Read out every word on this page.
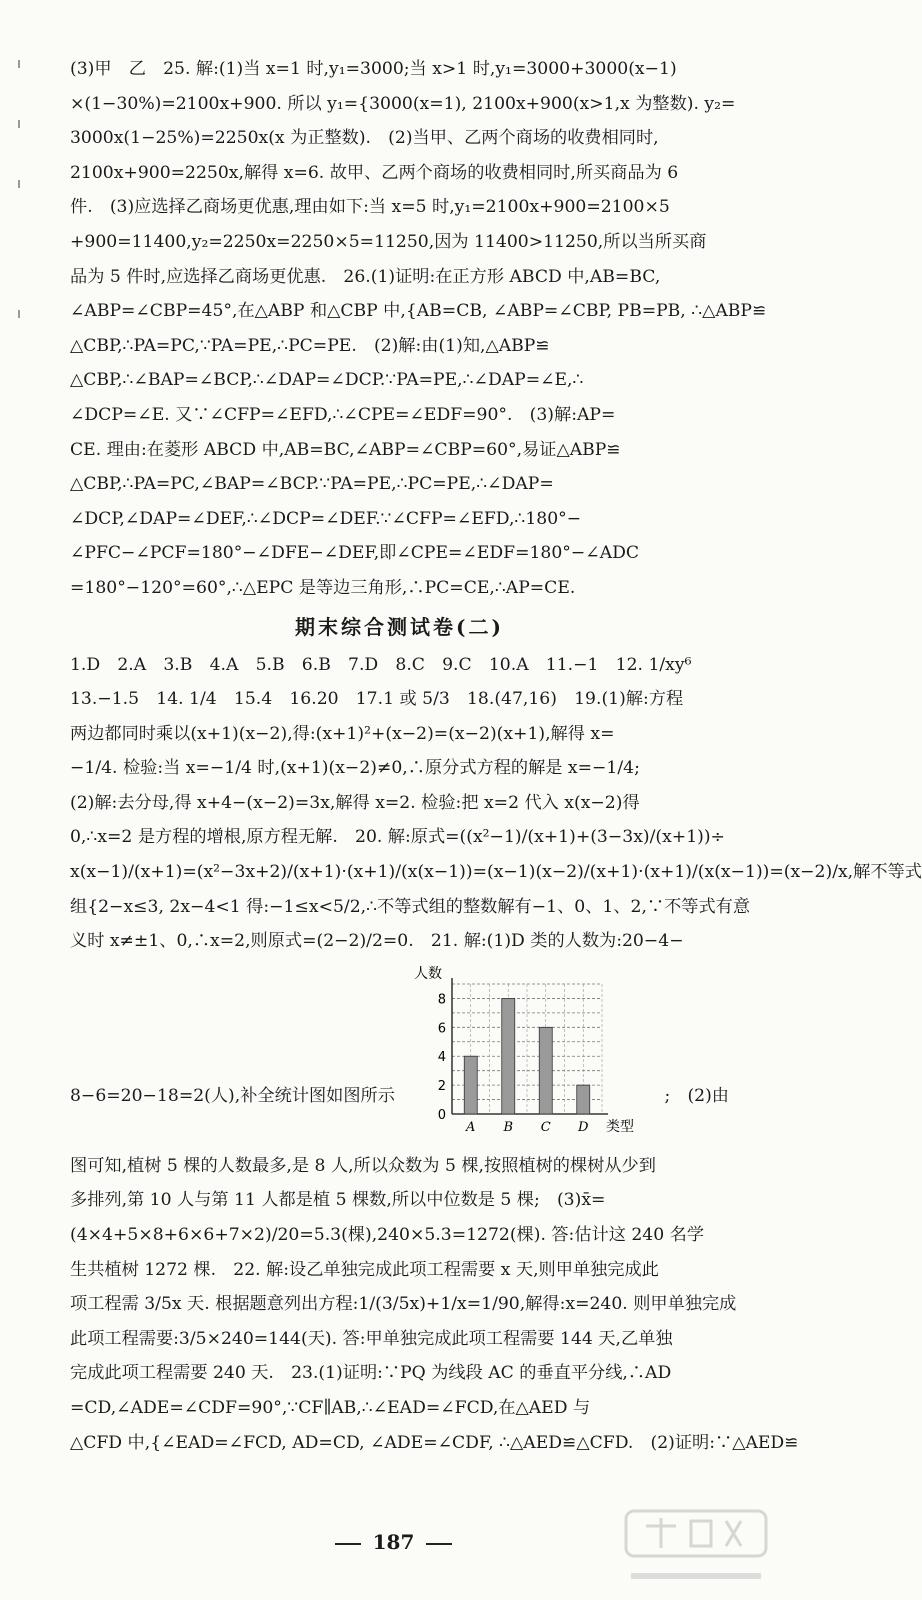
(3)甲　乙　25. 解:(1)当 x=1 时,y₁=3000;当 x>1 时,y₁=3000+3000(x−1)
×(1−30%)=2100x+900. 所以 y₁={3000(x=1), 2100x+900(x>1,x 为整数). y₂=
3000x(1−25%)=2250x(x 为正整数).　(2)当甲、乙两个商场的收费相同时,
2100x+900=2250x,解得 x=6. 故甲、乙两个商场的收费相同时,所买商品为 6
件.　(3)应选择乙商场更优惠,理由如下:当 x=5 时,y₁=2100x+900=2100×5
+900=11400,y₂=2250x=2250×5=11250,因为 11400>11250,所以当所买商
品为 5 件时,应选择乙商场更优惠.　26.(1)证明:在正方形 ABCD 中,AB=BC,
∠ABP=∠CBP=45°,在△ABP 和△CBP 中,{AB=CB, ∠ABP=∠CBP, PB=PB, ∴△ABP≌
△CBP,∴PA=PC,∵PA=PE,∴PC=PE.　(2)解:由(1)知,△ABP≌
△CBP,∴∠BAP=∠BCP,∴∠DAP=∠DCP.∵PA=PE,∴∠DAP=∠E,∴
∠DCP=∠E. 又∵∠CFP=∠EFD,∴∠CPE=∠EDF=90°.　(3)解:AP=
CE. 理由:在菱形 ABCD 中,AB=BC,∠ABP=∠CBP=60°,易证△ABP≌
△CBP,∴PA=PC,∠BAP=∠BCP.∵PA=PE,∴PC=PE,∴∠DAP=
∠DCP,∠DAP=∠DEF,∴∠DCP=∠DEF.∵∠CFP=∠EFD,∴180°−
∠PFC−∠PCF=180°−∠DFE−∠DEF,即∠CPE=∠EDF=180°−∠ADC
=180°−120°=60°,∴△EPC 是等边三角形,∴PC=CE,∴AP=CE.
期末综合测试卷(二)
1.D　2.A　3.B　4.A　5.B　6.B　7.D　8.C　9.C　10.A　11.−1　12. 1/xy⁶
13.−1.5　14. 1/4　15.4　16.20　17.1 或 5/3　18.(47,16)　19.(1)解:方程
两边都同时乘以(x+1)(x−2),得:(x+1)²+(x−2)=(x−2)(x+1),解得 x=
−1/4. 检验:当 x=−1/4 时,(x+1)(x−2)≠0,∴原分式方程的解是 x=−1/4;
(2)解:去分母,得 x+4−(x−2)=3x,解得 x=2. 检验:把 x=2 代入 x(x−2)得
0,∴x=2 是方程的增根,原方程无解.　20. 解:原式=((x²−1)/(x+1)+(3−3x)/(x+1))÷
x(x−1)/(x+1)=(x²−3x+2)/(x+1)·(x+1)/(x(x−1))=(x−1)(x−2)/(x+1)·(x+1)/(x(x−1))=(x−2)/x,解不等式
组{2−x≤3, 2x−4<1 得:−1≤x<5/2,∴不等式组的整数解有−1、0、1、2,∵不等式有意
义时 x≠±1、0,∴x=2,则原式=(2−2)/2=0.　21. 解:(1)D 类的人数为:20−4−
8−6=20−18=2(人),补全统计图如图所示	;　(2)由
图可知,植树 5 棵的人数最多,是 8 人,所以众数为 5 棵,按照植树的棵树从少到
多排列,第 10 人与第 11 人都是植 5 棵数,所以中位数是 5 棵;　(3)x̄=
(4×4+5×8+6×6+7×2)/20=5.3(棵),240×5.3=1272(棵). 答:估计这 240 名学
生共植树 1272 棵.　22. 解:设乙单独完成此项工程需要 x 天,则甲单独完成此
项工程需 3/5x 天. 根据题意列出方程:1/(3/5x)+1/x=1/90,解得:x=240. 则甲单独完成
此项工程需要:3/5×240=144(天). 答:甲单独完成此项工程需要 144 天,乙单独
完成此项工程需要 240 天.　23.(1)证明:∵PQ 为线段 AC 的垂直平分线,∴AD
=CD,∠ADE=∠CDF=90°,∵CF∥AB,∴∠EAD=∠FCD,在△AED 与
△CFD 中,{∠EAD=∠FCD, AD=CD, ∠ADE=∠CDF, ∴△AED≌△CFD.　(2)证明:∵△AED≌
0
2
4
6
8
人数
A B C D 类型
187
